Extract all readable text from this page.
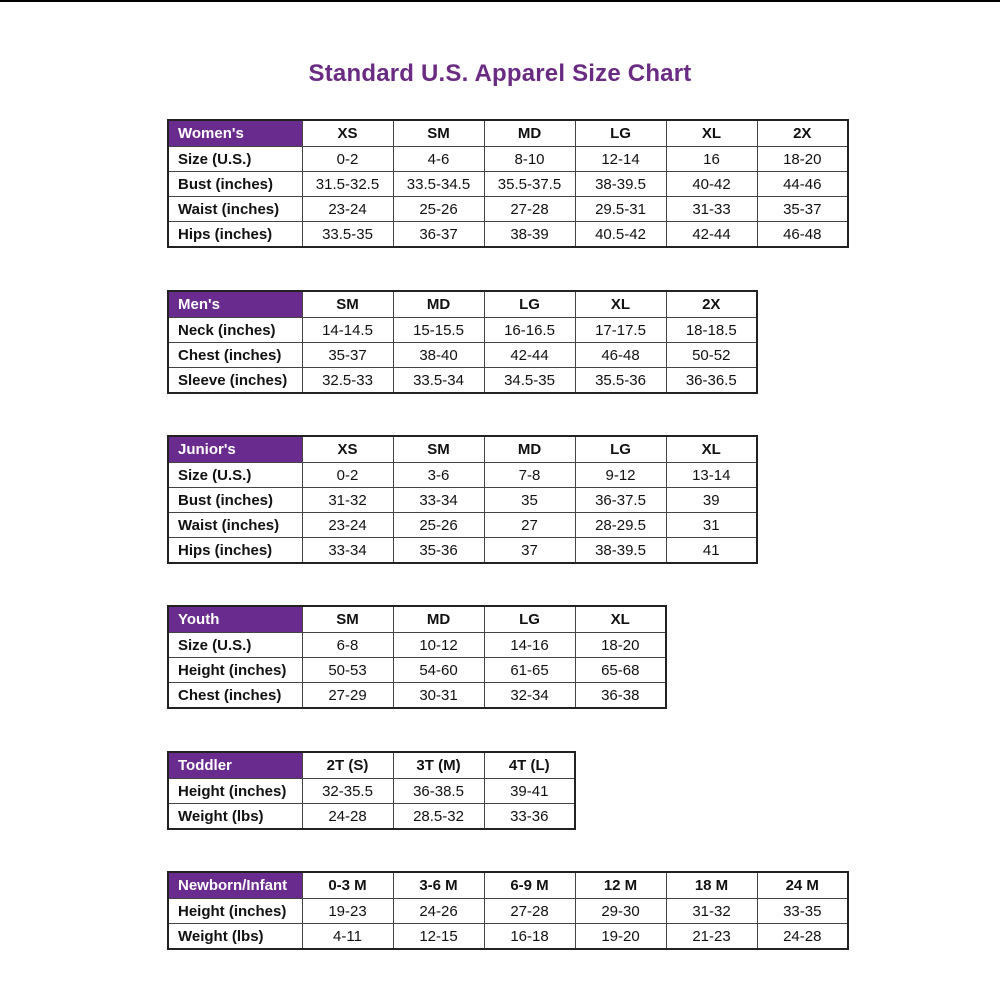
Standard U.S. Apparel Size Chart
Women's	XS	SM	MD	LG	XL	2X
Size (U.S.)	0-2	4-6	8-10	12-14	16	18-20
Bust (inches)	31.5-32.5	33.5-34.5	35.5-37.5	38-39.5	40-42	44-46
Waist (inches)	23-24	25-26	27-28	29.5-31	31-33	35-37
Hips (inches)	33.5-35	36-37	38-39	40.5-42	42-44	46-48
Men's	SM	MD	LG	XL	2X
Neck (inches)	14-14.5	15-15.5	16-16.5	17-17.5	18-18.5
Chest (inches)	35-37	38-40	42-44	46-48	50-52
Sleeve (inches)	32.5-33	33.5-34	34.5-35	35.5-36	36-36.5
Junior's	XS	SM	MD	LG	XL
Size (U.S.)	0-2	3-6	7-8	9-12	13-14
Bust (inches)	31-32	33-34	35	36-37.5	39
Waist (inches)	23-24	25-26	27	28-29.5	31
Hips (inches)	33-34	35-36	37	38-39.5	41
Youth	SM	MD	LG	XL
Size (U.S.)	6-8	10-12	14-16	18-20
Height (inches)	50-53	54-60	61-65	65-68
Chest (inches)	27-29	30-31	32-34	36-38
Toddler	2T (S)	3T (M)	4T (L)
Height (inches)	32-35.5	36-38.5	39-41
Weight (lbs)	24-28	28.5-32	33-36
Newborn/Infant	0-3 M	3-6 M	6-9 M	12 M	18 M	24 M
Height (inches)	19-23	24-26	27-28	29-30	31-32	33-35
Weight (lbs)	4-11	12-15	16-18	19-20	21-23	24-28
